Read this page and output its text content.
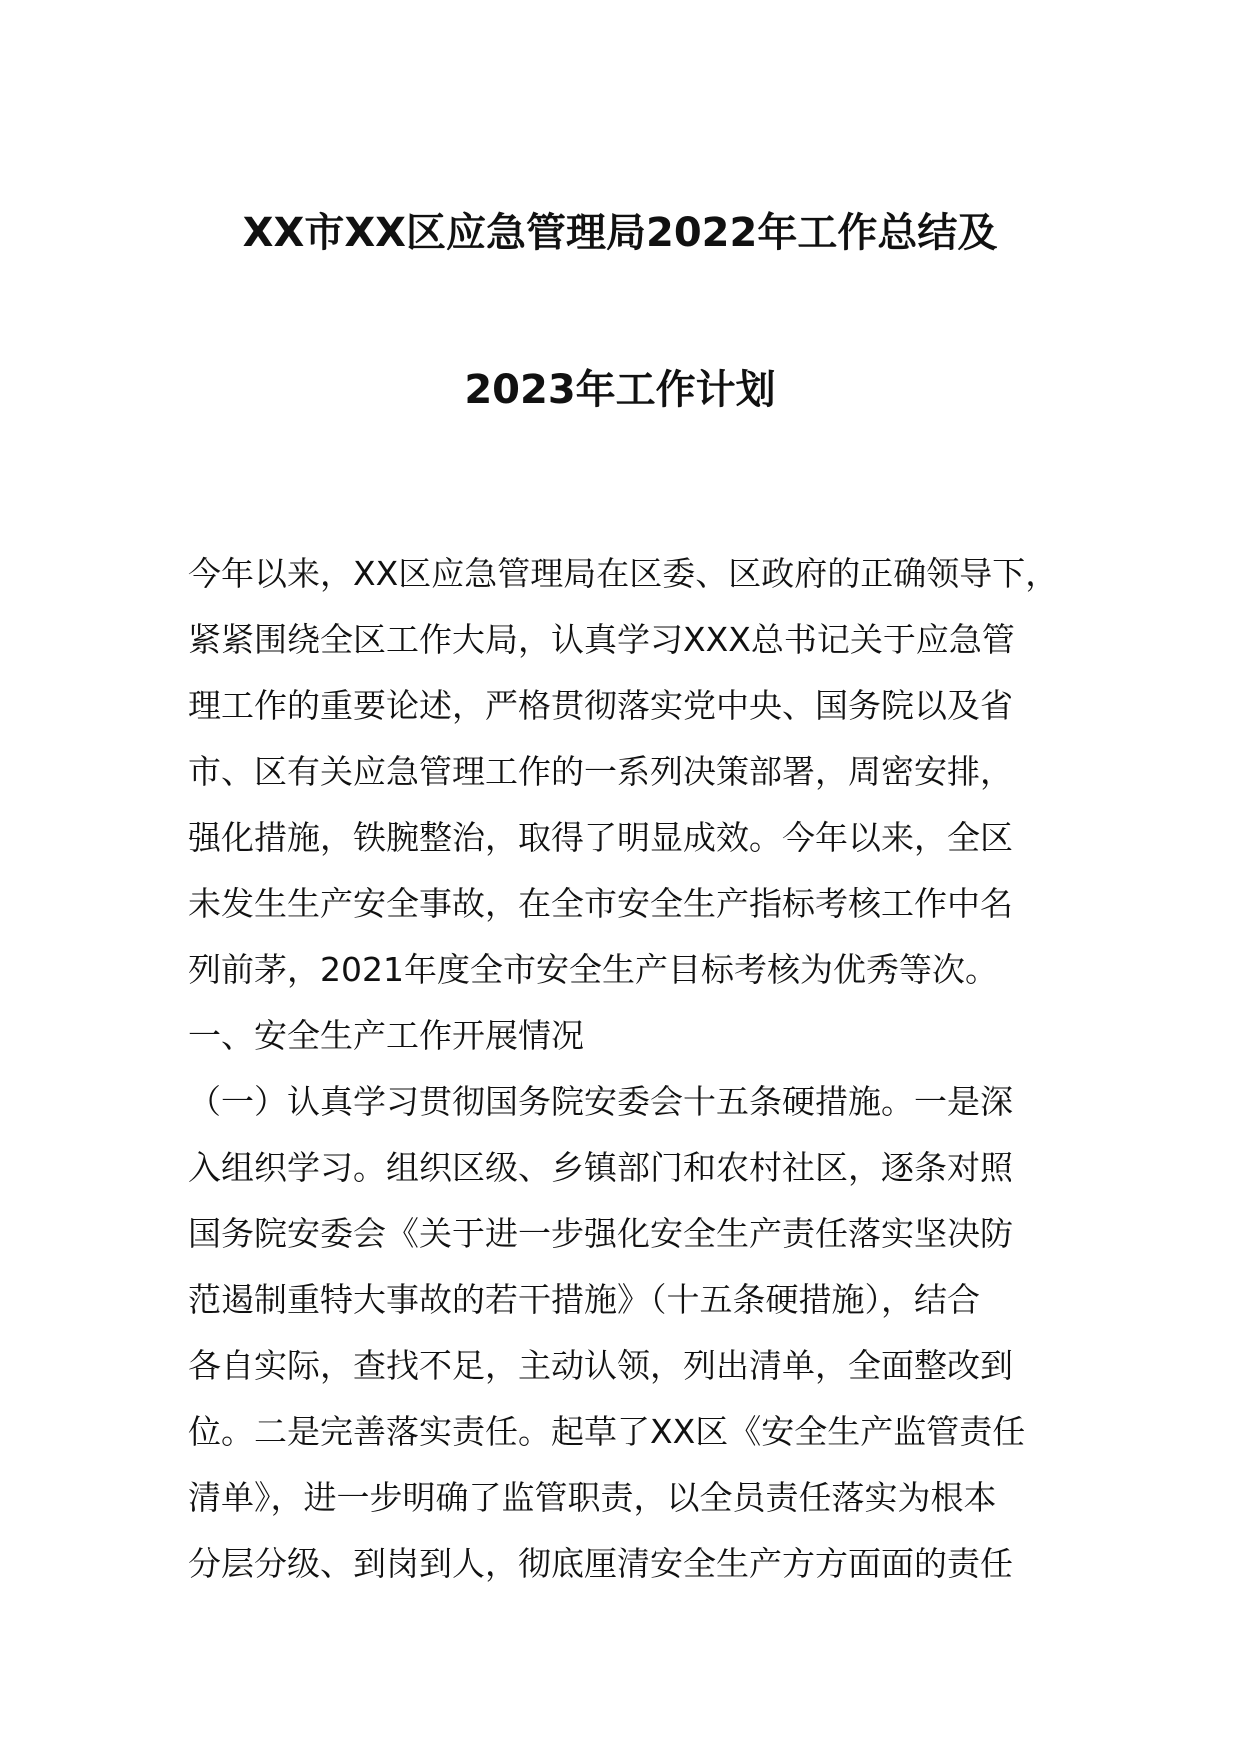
XX市XX区应急管理局2022年工作总结及
2023年工作计划
今年以来，XX区应急管理局在区委、区政府的正确领导下，
紧紧围绕全区工作大局，认真学习XXX总书记关于应急管
理工作的重要论述，严格贯彻落实党中央、国务院以及省
市、区有关应急管理工作的一系列决策部署，周密安排，
强化措施，铁腕整治，取得了明显成效。今年以来，全区
未发生生产安全事故，在全市安全生产指标考核工作中名
列前茅，2021年度全市安全生产目标考核为优秀等次。
一、安全生产工作开展情况
（一）认真学习贯彻国务院安委会十五条硬措施。一是深
入组织学习。组织区级、乡镇部门和农村社区，逐条对照
国务院安委会《关于进一步强化安全生产责任落实坚决防
范遏制重特大事故的若干措施》（十五条硬措施），结合
各自实际，查找不足，主动认领，列出清单，全面整改到
位。二是完善落实责任。起草了XX区《安全生产监管责任
清单》，进一步明确了监管职责，以全员责任落实为根本
分层分级、到岗到人，彻底厘清安全生产方方面面的责任
